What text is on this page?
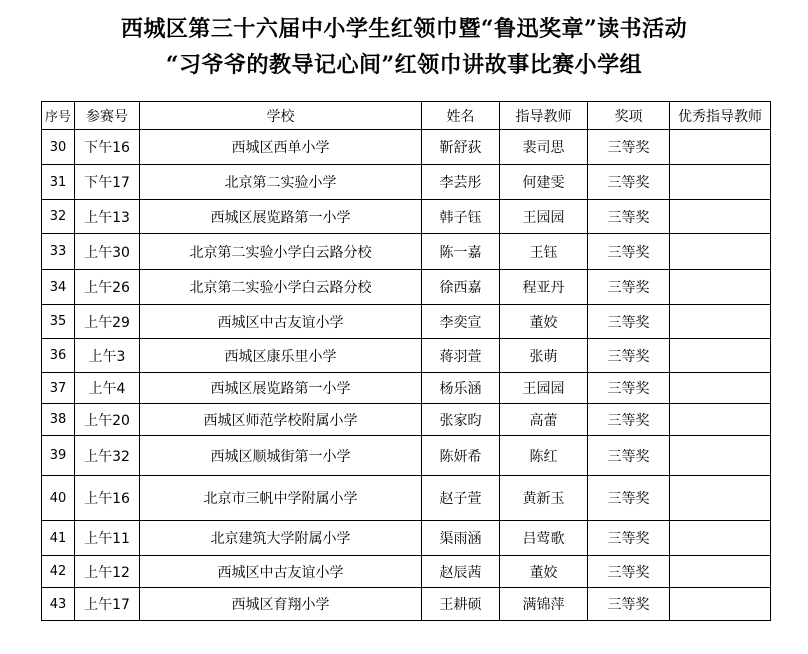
西城区第三十六届中小学生红领巾暨“鲁迅奖章”读书活动
“习爷爷的教导记心间”红领巾讲故事比赛小学组
序号	参赛号	学校	姓名	指导教师	奖项	优秀指导教师
30	下午16	西城区西单小学	靳舒荻	裴司思	三等奖	
31	下午17	北京第二实验小学	李芸彤	何建雯	三等奖	
32	上午13	西城区展览路第一小学	韩子钰	王园园	三等奖	
33	上午30	北京第二实验小学白云路分校	陈一嘉	王钰	三等奖	
34	上午26	北京第二实验小学白云路分校	徐西嘉	程亚丹	三等奖	
35	上午29	西城区中古友谊小学	李奕宣	董姣	三等奖	
36	上午3	西城区康乐里小学	蒋羽萱	张萌	三等奖	
37	上午4	西城区展览路第一小学	杨乐涵	王园园	三等奖	
38	上午20	西城区师范学校附属小学	张家昀	高蕾	三等奖	
39	上午32	西城区顺城街第一小学	陈妍希	陈红	三等奖	
40	上午16	北京市三帆中学附属小学	赵子萱	黄新玉	三等奖	
41	上午11	北京建筑大学附属小学	渠雨涵	吕莺歌	三等奖	
42	上午12	西城区中古友谊小学	赵辰茜	董姣	三等奖	
43	上午17	西城区育翔小学	王耕硕	满锦萍	三等奖	
